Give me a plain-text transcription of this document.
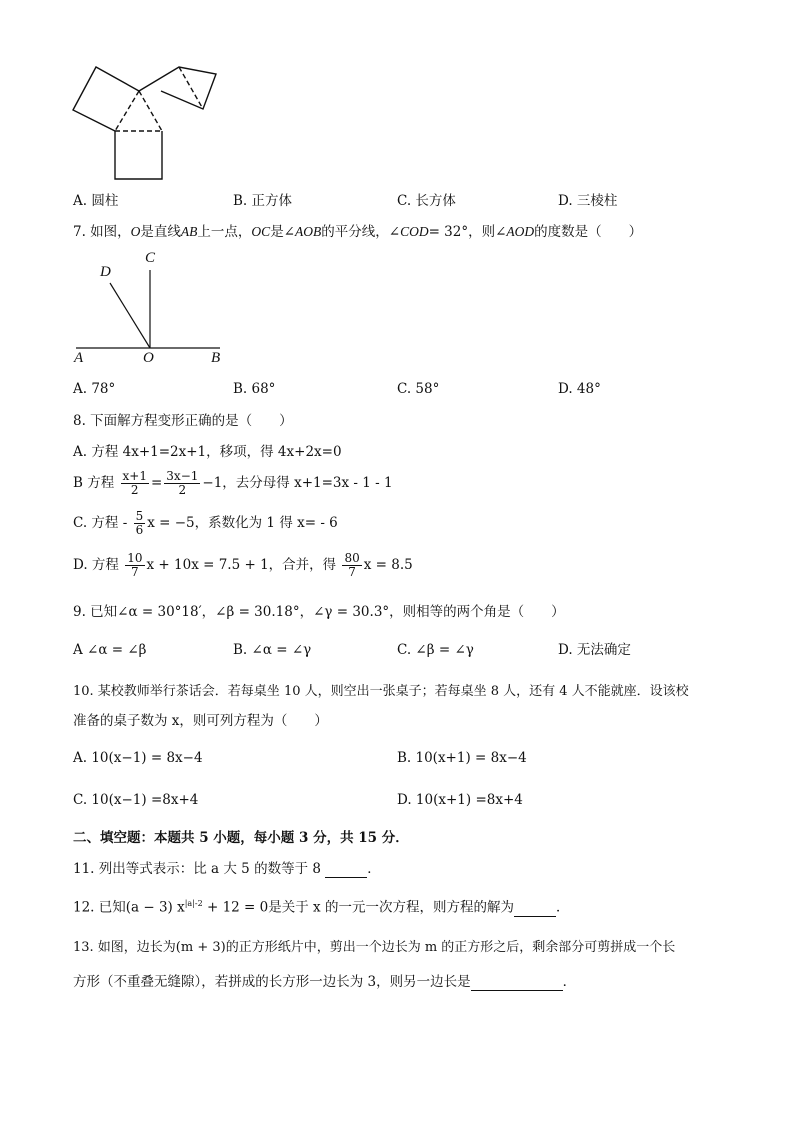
A. 圆柱	B. 正方体	C. 长方体	D. 三棱柱
7. 如图，O是直线AB上一点，OC是∠AOB的平分线，∠COD= 32°，则∠AOD的度数是（　　）
D
C
A	O	B
A. 78°	B. 68°	C. 58°	D. 48°
8. 下面解方程变形正确的是（　　）
A. 方程 4x+1=2x+1，移项，得 4x+2x=0
B 方程 $\frac{x+1}{2} = \frac{3x-1}{2} -1$，去分母得 x+1=3x - 1 - 1
C. 方程 - $\frac{5}{6}$ x = −5，系数化为 1 得 x= - 6
D. 方程 $\frac{10}{7}$ x + 10x = 7.5 + 1，合并，得 $\frac{80}{7}$ x = 8.5
9. 已知∠α = 30°18′，∠β = 30.18°，∠γ = 30.3°，则相等的两个角是（　　）
A ∠α = ∠β	B. ∠α = ∠γ	C. ∠β = ∠γ	D. 无法确定
10. 某校教师举行茶话会．若每桌坐 10 人，则空出一张桌子；若每桌坐 8 人，还有 4 人不能就座．设该校
准备的桌子数为 x，则可列方程为（　　）
A. 10(x−1) = 8x−4	B. 10(x+1) = 8x−4
C. 10(x−1) =8x+4	D. 10(x+1) =8x+4
二、填空题：本题共 5 小题，每小题 3 分，共 15 分．
11. 列出等式表示：比 a 大 5 的数等于 8	．
12. 已知(a − 3) $x^{|a|-2} + 12 = 0$是关于 x 的一元一次方程，则方程的解为	．
13. 如图，边长为(m + 3)的正方形纸片中，剪出一个边长为 m 的正方形之后，剩余部分可剪拼成一个长
方形（不重叠无缝隙），若拼成的长方形一边长为 3，则另一边长是	．
